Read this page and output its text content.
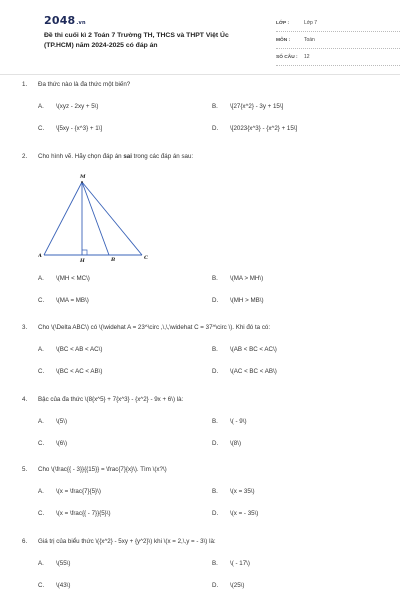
2048.vn
Đề thi cuối kì 2 Toán 7 Trường TH, THCS và THPT Việt Úc (TP.HCM) năm 2024-2025 có đáp án
LỚP :	Lớp 7
MÔN :	Toán
SỐ CÂU :	12
1.	Đa thức nào là đa thức một biến?
A. \(xyz - 2xy + 5\)	B. \[27{x^2} - 3y + 15\]
C. \[5xy - {x^3} + 1\]	D. \[2023{x^3} - {x^2} + 15\]
2.	Cho hình vẽ. Hãy chọn đáp án sai trong các đáp án sau:
M
A
H	B	C
A. \(MH < MC\)	B. \(MA > MH\)
C. \(MA = MB\)	D. \(MH > MB\)
3.	Cho \(\Delta ABC\) có \(\widehat A = 23^\circ ,\,\,\widehat C = 37^\circ \). Khi đó ta có:
A. \(BC < AB < AC\)	B. \(AB < BC < AC\)
C. \(BC < AC < AB\)	D. \(AC < BC < AB\)
4.	Bậc của đa thức \(8{x^5} + 7{x^3} - {x^2} - 9x + 6\) là:
A. \(5\)	B. \( - 9\)
C. \(6\)	D. \(8\)
5.	Cho \(\frac{{ - 3}}{{15}} = \frac{7}{x}\). Tìm \(x?\)
A. \(x = \frac{7}{5}\)	B. \(x = 35\)
C. \(x = \frac{{ - 7}}{5}\)	D. \(x = - 35\)
6.	Giá trị của biểu thức \({x^2} - 5xy + {y^2}\) khi \(x = 2,\,y = - 3\) là:
A. \(55\)	B. \( - 17\)
C. \(43\)	D. \(25\)
